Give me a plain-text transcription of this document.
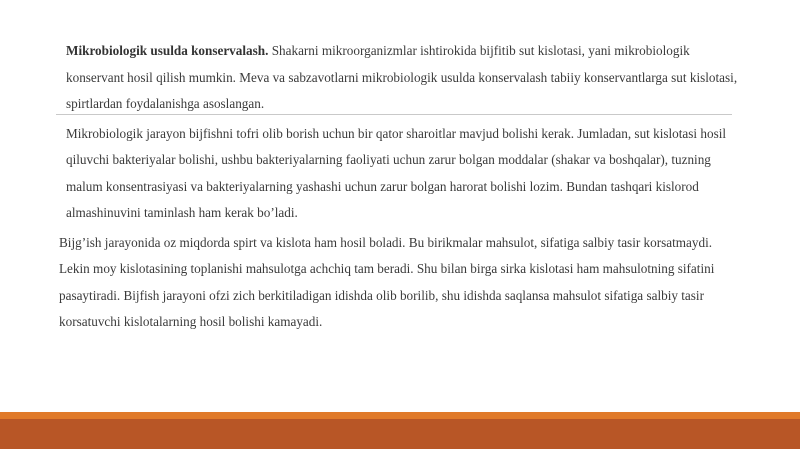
Mikrobiologik usulda konservalash. Shakarni mikroorganizmlar ishtirokida bijfitib sut kislotasi, yani mikrobiologik konservant hosil qilish mumkin. Meva va sabzavotlarni mikrobiologik usulda konservalash tabiiy konservantlarga sut kislotasi, spirtlardan foydalanishga asoslangan.

Mikrobiologik jarayon bijfishni tofri olib borish uchun bir qator sharoitlar mavjud bolishi kerak. Jumladan, sut kislotasi hosil qiluvchi bakteriyalar bolishi, ushbu bakteriyalarning faoliyati uchun zarur bolgan moddalar (shakar va boshqalar), tuzning malum konsentrasiyasi va bakteriyalarning yashashi uchun zarur bolgan harorat bolishi lozim. Bundan tashqari kislorod almashinuvini taminlash ham kerak bo’ladi.

Bijg’ish jarayonida oz miqdorda spirt va kislota ham hosil boladi. Bu birikmalar mahsulot, sifatiga salbiy tasir korsatmaydi. Lekin moy kislotasining toplanishi mahsulotga achchiq tam beradi. Shu bilan birga sirka kislotasi ham mahsulotning sifatini pasaytiradi. Bijfish jarayoni ofzi zich berkitiladigan idishda olib borilib, shu idishda saqlansa mahsulot sifatiga salbiy tasir korsatuvchi kislotalarning hosil bolishi kamayadi.
